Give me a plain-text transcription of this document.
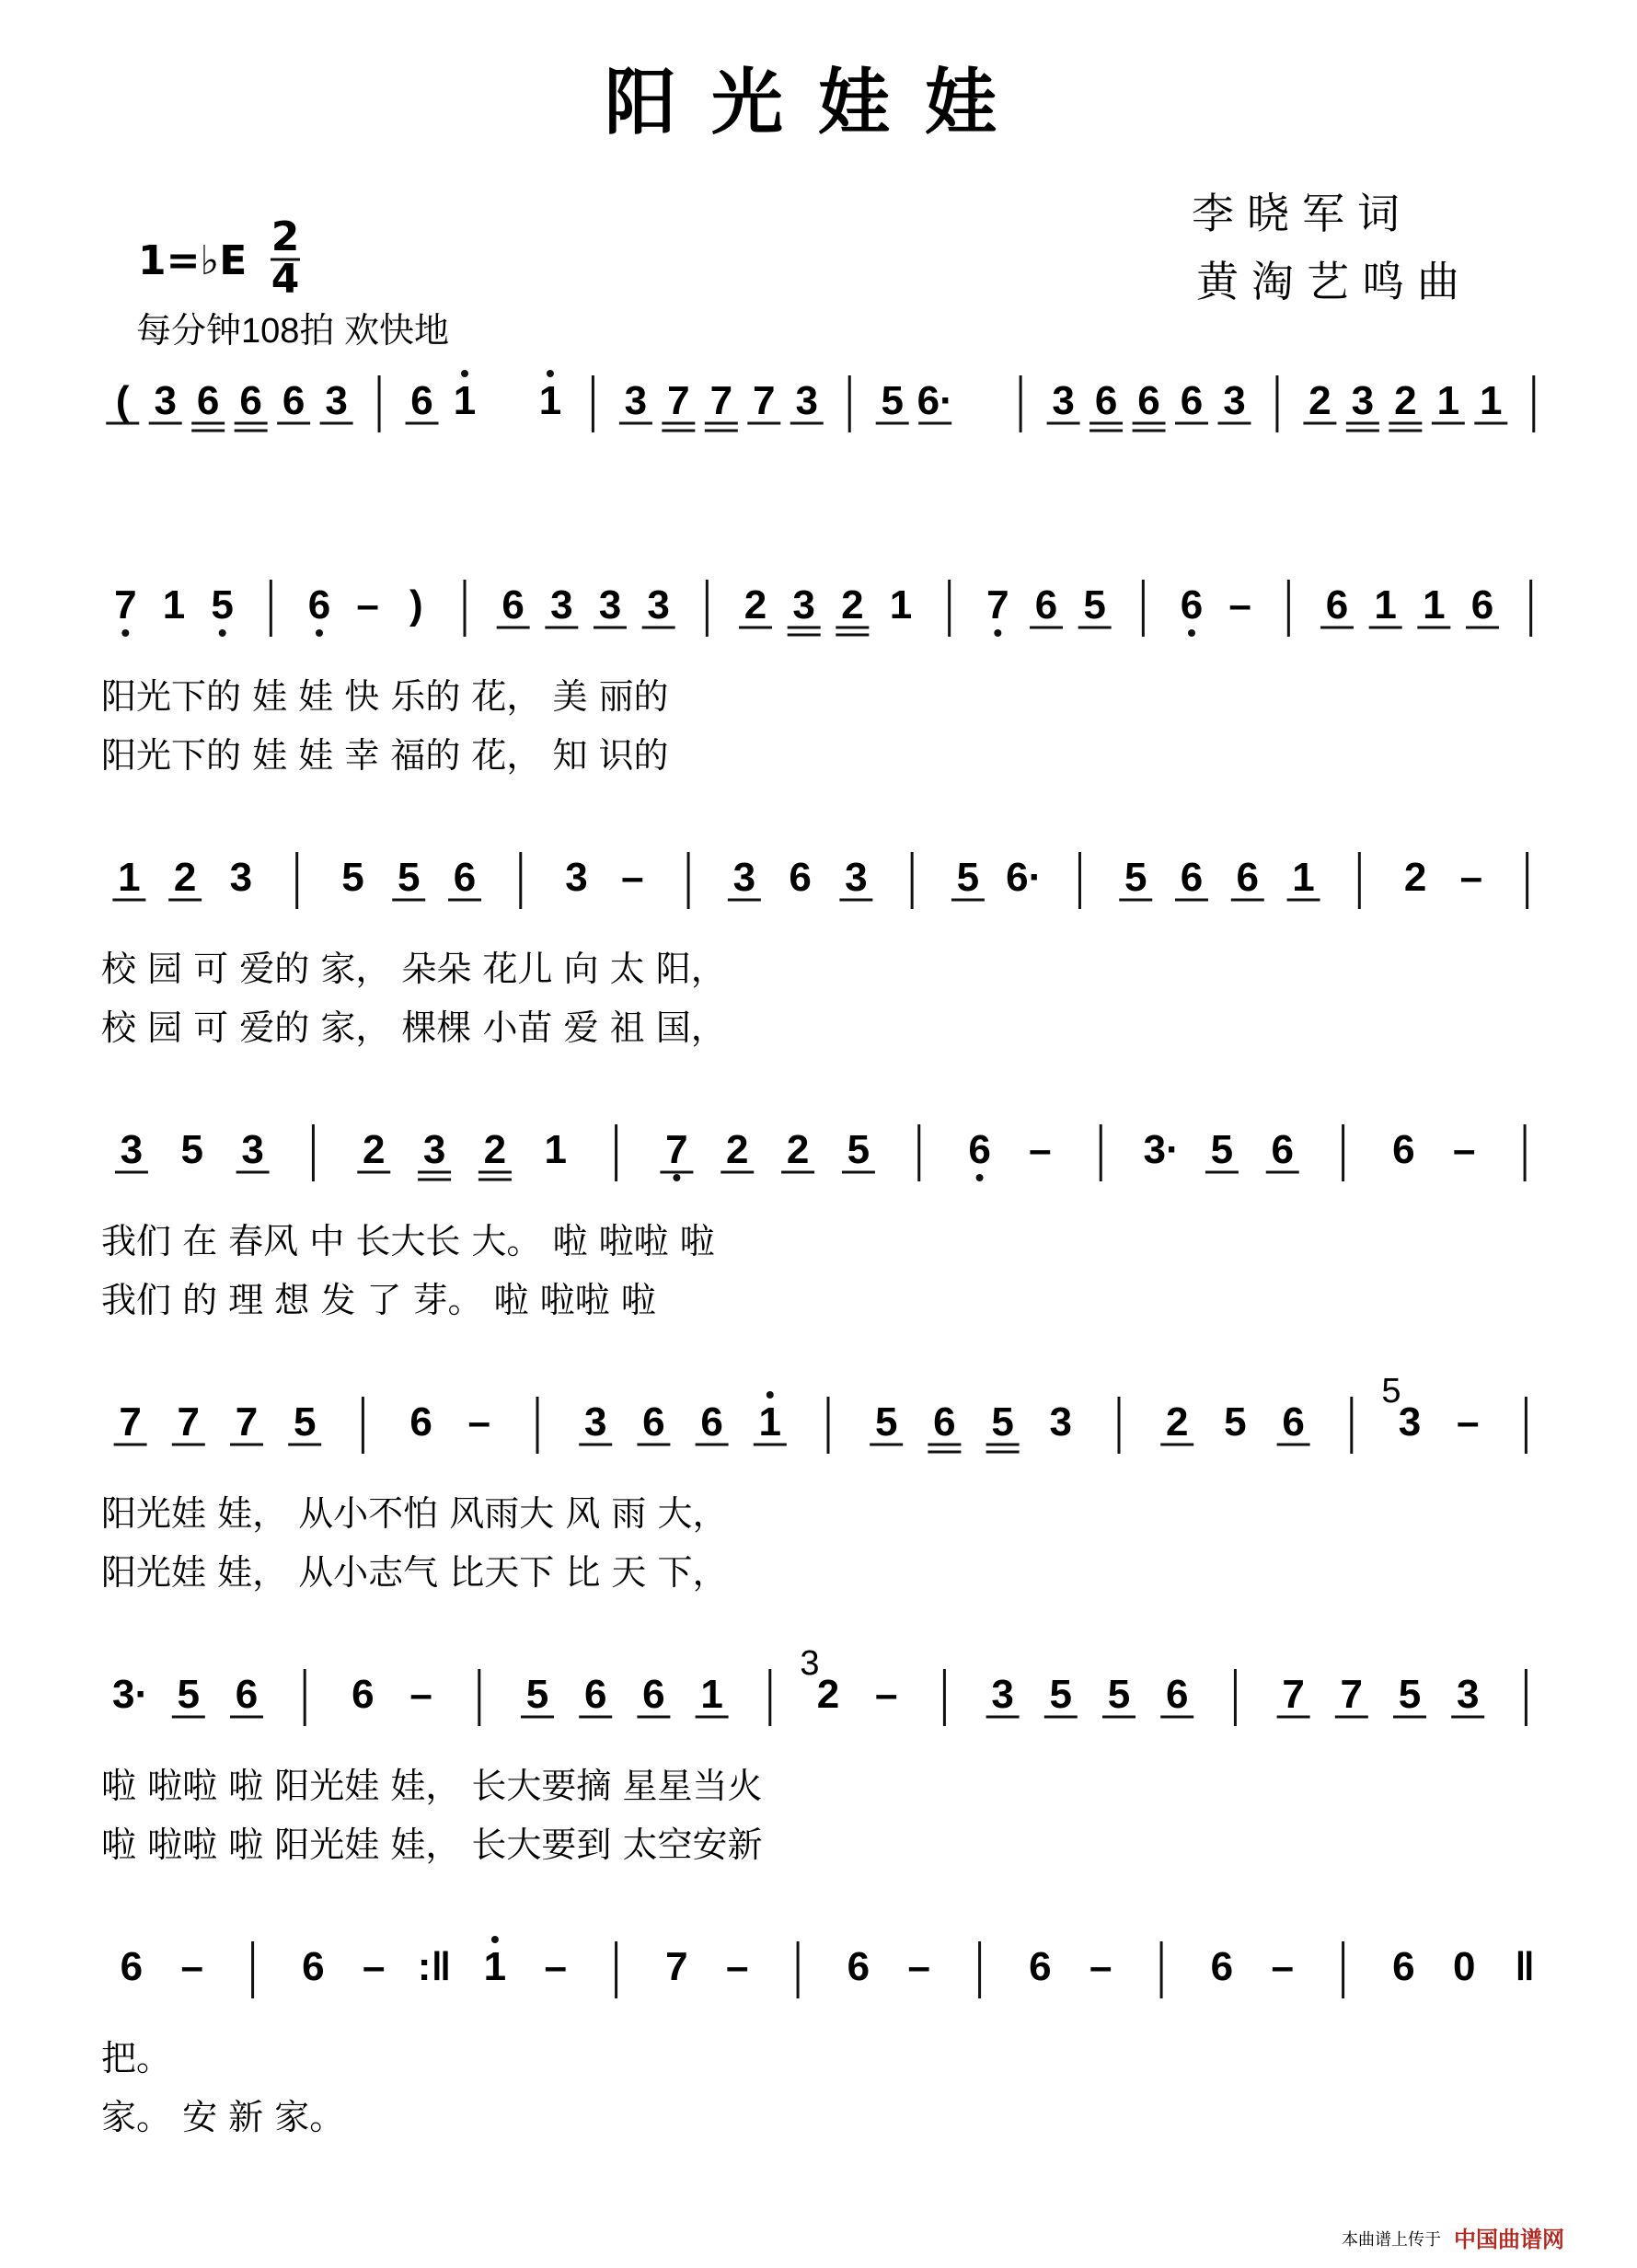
阳光娃娃
李晓军词
黄淘艺鸣曲
1=♭E
2
4
每分钟108拍 欢快地
( 3 6 6 6 3 6 1 1 3 7 7 7 3 5 6· 3 6 6 6 3 2 3 2 1 1
7 1 5 6 – ) 6 3 3 3 2 3 2 1 7 6 5 6 – 6 1 1 6
阳光下的 娃 娃 快 乐的 花， 美 丽的
阳光下的 娃 娃 幸 福的 花， 知 识的
1 2 3 5 5 6 3 – 3 6 3 5 6· 5 6 6 1 2 –
校 园 可 爱的 家， 朵朵 花儿 向 太 阳，
校 园 可 爱的 家， 棵棵 小苗 爱 祖 国，
3 5 3 2 3 2 1 7 2 2 5 6 – 3· 5 6 6 –
我们 在 春风 中 长大长 大。 啦 啦啦 啦
我们 的 理 想 发 了 芽。 啦 啦啦 啦
7 7 7 5 6 – 3 6 6 1 5 6 5 3 2 5 6 3
5
–
阳光娃 娃， 从小不怕 风雨大 风 雨 大，
阳光娃 娃， 从小志气 比天下 比 天 下，
3· 5 6 6 – 5 6 6 1 2
3
– 3 5 5 6 7 7 5 3
啦 啦啦 啦 阳光娃 娃， 长大要摘 星星当火
啦 啦啦 啦 阳光娃 娃， 长大要到 太空安新
6 – 6 – :‖ 1 – 7 – 6 – 6 – 6 – 6 0 ‖
把。
家。 安 新 家。
本曲谱上传于 中国曲谱网
